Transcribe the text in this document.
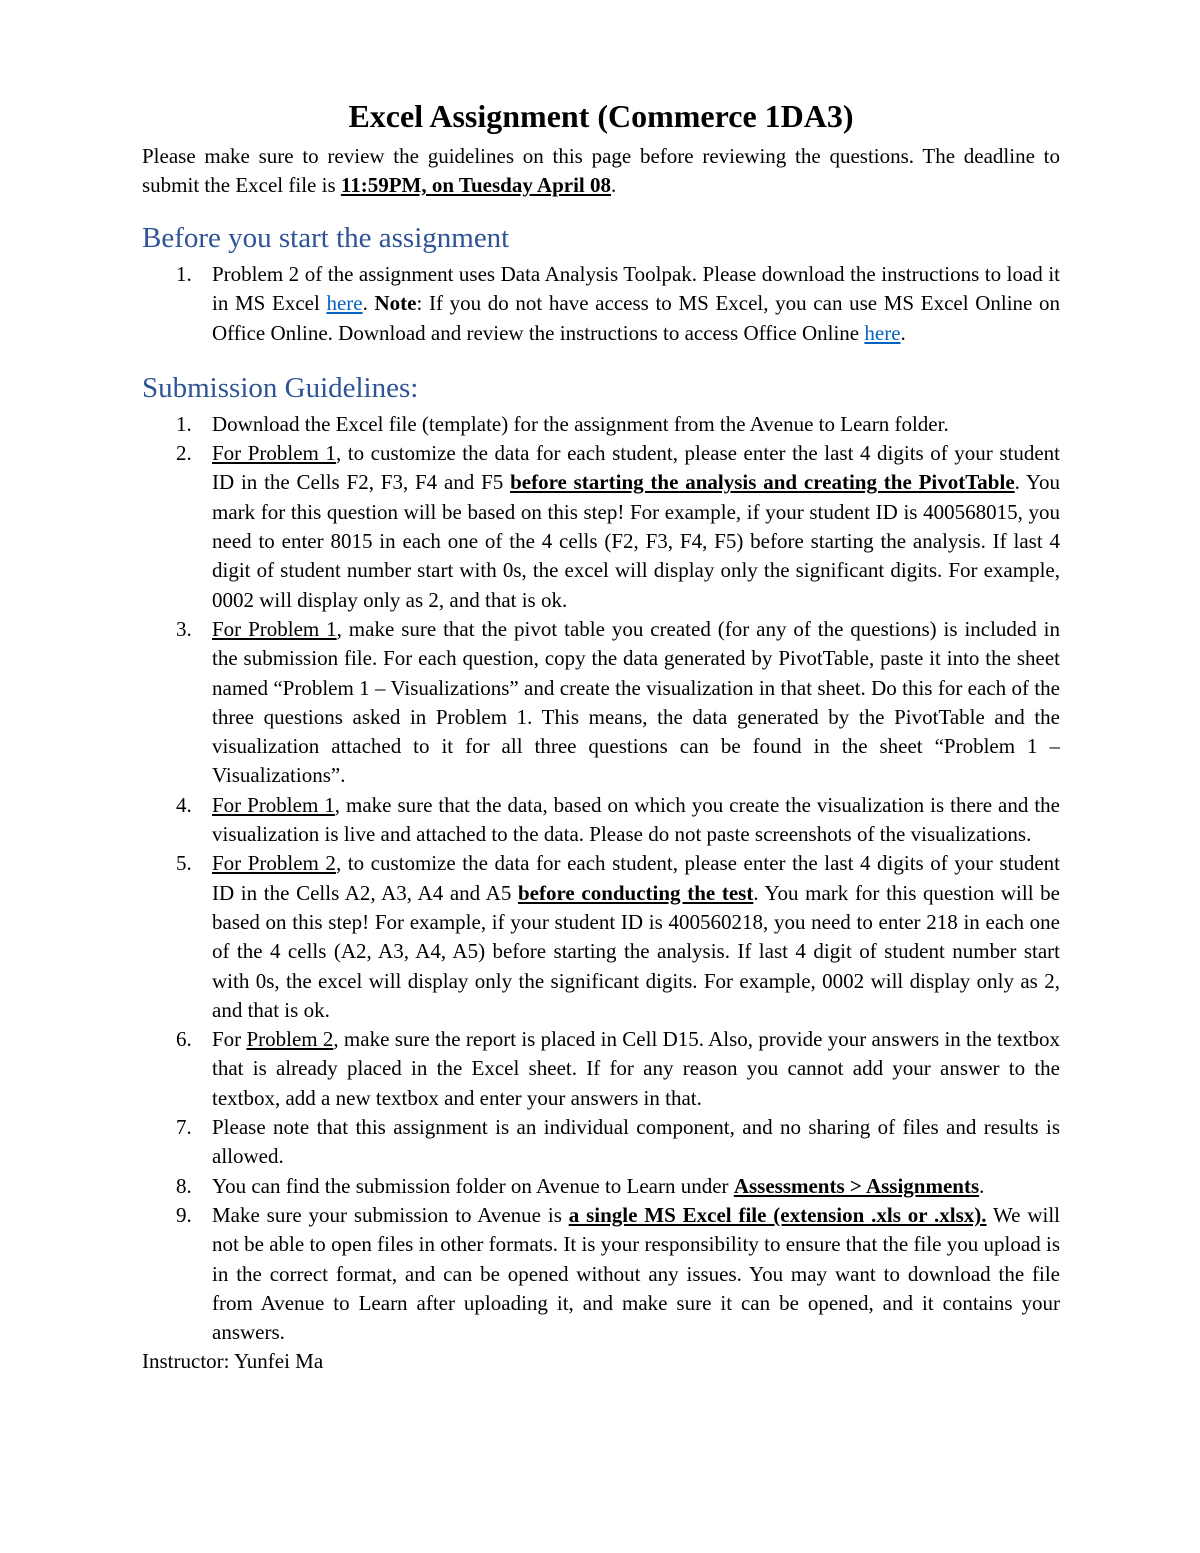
Excel Assignment (Commerce 1DA3)

Please make sure to review the guidelines on this page before reviewing the questions. The deadline to submit the Excel file is 11:59PM, on Tuesday April 08.

Before you start the assignment
1. Problem 2 of the assignment uses Data Analysis Toolpak. Please download the instructions to load it in MS Excel here. Note: If you do not have access to MS Excel, you can use MS Excel Online on Office Online. Download and review the instructions to access Office Online here.
Submission Guidelines:
1. Download the Excel file (template) for the assignment from the Avenue to Learn folder.
2. For Problem 1, to customize the data for each student, please enter the last 4 digits of your student ID in the Cells F2, F3, F4 and F5 before starting the analysis and creating the PivotTable. You mark for this question will be based on this step! For example, if your student ID is 400568015, you need to enter 8015 in each one of the 4 cells (F2, F3, F4, F5) before starting the analysis. If last 4 digit of student number start with 0s, the excel will display only the significant digits. For example, 0002 will display only as 2, and that is ok.
3. For Problem 1, make sure that the pivot table you created (for any of the questions) is included in the submission file. For each question, copy the data generated by PivotTable, paste it into the sheet named “Problem 1 – Visualizations” and create the visualization in that sheet. Do this for each of the three questions asked in Problem 1. This means, the data generated by the PivotTable and the visualization attached to it for all three questions can be found in the sheet “Problem 1 – Visualizations”.
4. For Problem 1, make sure that the data, based on which you create the visualization is there and the visualization is live and attached to the data. Please do not paste screenshots of the visualizations.
5. For Problem 2, to customize the data for each student, please enter the last 4 digits of your student ID in the Cells A2, A3, A4 and A5 before conducting the test. You mark for this question will be based on this step! For example, if your student ID is 400560218, you need to enter 218 in each one of the 4 cells (A2, A3, A4, A5) before starting the analysis. If last 4 digit of student number start with 0s, the excel will display only the significant digits. For example, 0002 will display only as 2, and that is ok.
6. For Problem 2, make sure the report is placed in Cell D15. Also, provide your answers in the textbox that is already placed in the Excel sheet. If for any reason you cannot add your answer to the textbox, add a new textbox and enter your answers in that.
7. Please note that this assignment is an individual component, and no sharing of files and results is allowed.
8. You can find the submission folder on Avenue to Learn under Assessments > Assignments.
9. Make sure your submission to Avenue is a single MS Excel file (extension .xls or .xlsx). We will not be able to open files in other formats. It is your responsibility to ensure that the file you upload is in the correct format, and can be opened without any issues. You may want to download the file from Avenue to Learn after uploading it, and make sure it can be opened, and it contains your answers.

Instructor: Yunfei Ma
